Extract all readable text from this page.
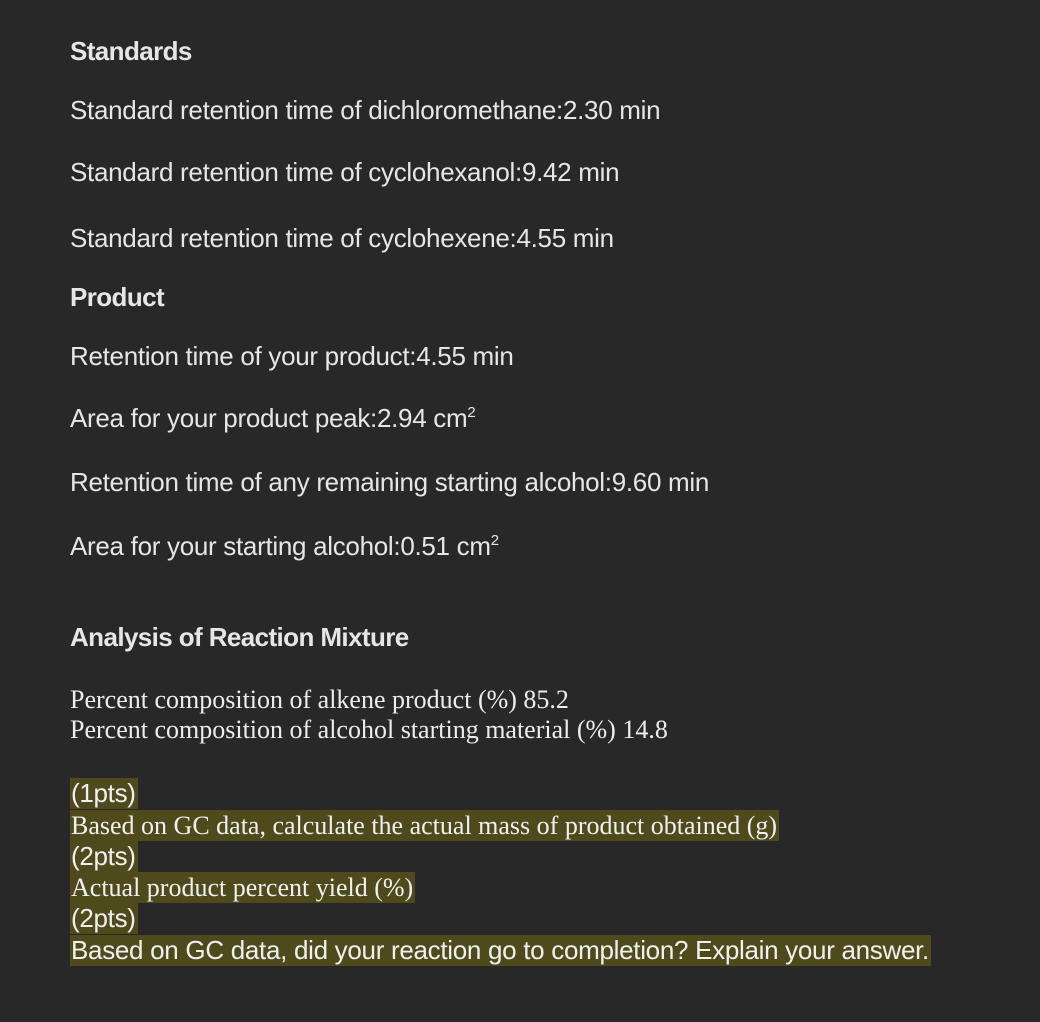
Standards
Standard retention time of dichloromethane:2.30 min
Standard retention time of cyclohexanol:9.42 min
Standard retention time of cyclohexene:4.55 min
Product
Retention time of your product:4.55 min
Area for your product peak:2.94 $cm^2$
Retention time of any remaining starting alcohol:9.60 min
Area for your starting alcohol:0.51 $cm^2$
Analysis of Reaction Mixture
Percent composition of alkene product (%) 85.2
Percent composition of alcohol starting material (%) 14.8
(1pts)
Based on GC data, calculate the actual mass of product obtained (g)
(2pts)
Actual product percent yield (%)
(2pts)
Based on GC data, did your reaction go to completion? Explain your answer.
